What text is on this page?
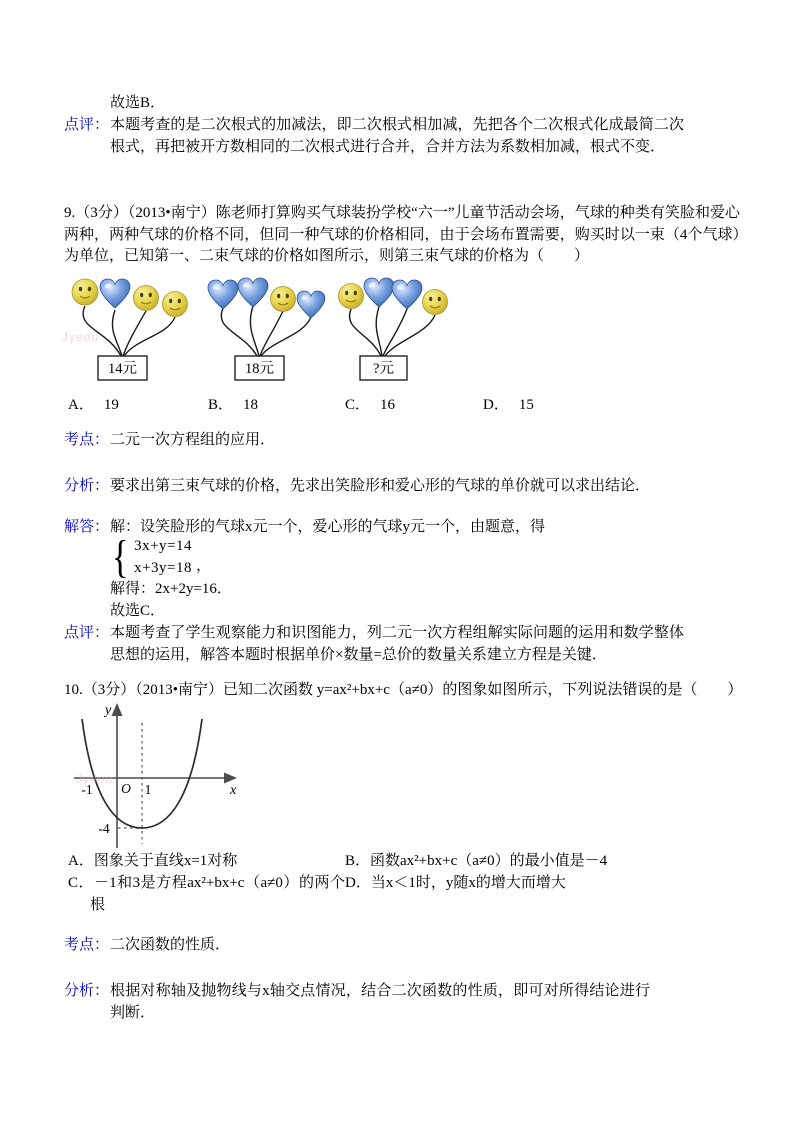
故选B．
点评： 本题考查的是二次根式的加减法，即二次根式相加减，先把各个二次根式化成最简二次根式，再把被开方数相同的二次根式进行合并，合并方法为系数相加减，根式不变．
9.（3分）（2013•南宁）陈老师打算购买气球装扮学校“六一”儿童节活动会场，气球的种类有笑脸和爱心两种，两种气球的价格不同，但同一种气球的价格相同，由于会场布置需要，购买时以一束（4个气球）为单位，已知第一、二束气球的价格如图所示，则第三束气球的价格为（　　）
Jyeoo
14元	18元	?元
A． 19	B． 18	C． 16	D． 15
考点： 二元一次方程组的应用．
分析： 要求出第三束气球的价格，先求出笑脸形和爱心形的气球的单价就可以求出结论．
解答： 解：设笑脸形的气球x元一个，爱心形的气球y元一个，由题意，得
{ 3x+y=14
x+3y=18 ，
解得：2x+2y=16．
故选C．
点评： 本题考查了学生观察能力和识图能力，列二元一次方程组解实际问题的运用和数学整体思想的运用，解答本题时根据单价×数量=总价的数量关系建立方程是关键．
10.（3分）（2013•南宁）已知二次函数 y=ax²+bx+c（a≠0）的图象如图所示，下列说法错误的是（　　）
y
x
O
-1	1
-4
Jyeoo
A．图象关于直线x=1对称	B．函数ax²+bx+c（a≠0）的最小值是－4
C．－1和3是方程ax²+bx+c（a≠0）的两个根
D．当x＜1时，y随x的增大而增大
考点： 二次函数的性质．
分析： 根据对称轴及抛物线与x轴交点情况，结合二次函数的性质，即可对所得结论进行判断．
